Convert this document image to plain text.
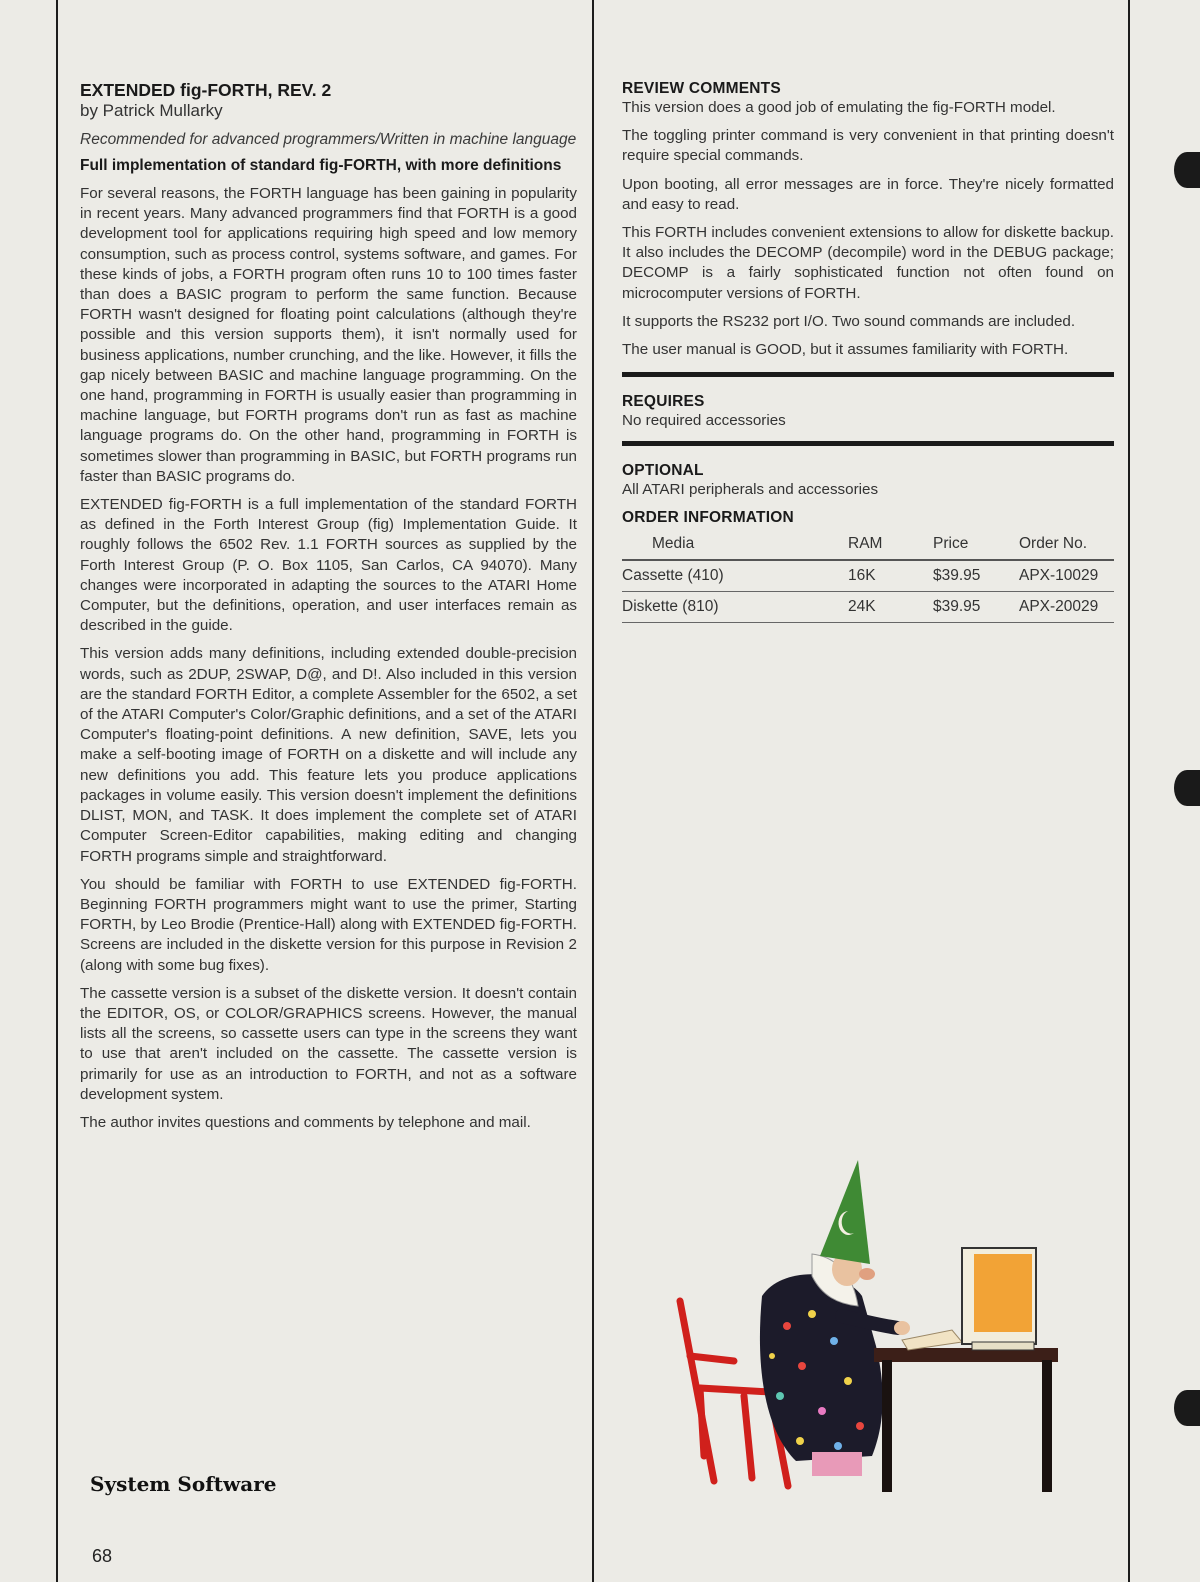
EXTENDED fig-FORTH, REV. 2

by Patrick Mullarky

Recommended for advanced programmers/Written in machine language

Full implementation of standard fig-FORTH, with more definitions

For several reasons, the FORTH language has been gaining in popularity in recent years. Many advanced programmers find that FORTH is a good development tool for applications requiring high speed and low memory consumption, such as process control, systems software, and games. For these kinds of jobs, a FORTH program often runs 10 to 100 times faster than does a BASIC program to perform the same function. Because FORTH wasn't designed for floating point calculations (although they're possible and this version supports them), it isn't normally used for business applications, number crunching, and the like. However, it fills the gap nicely between BASIC and machine language programming. On the one hand, programming in FORTH is usually easier than programming in machine language, but FORTH programs don't run as fast as machine language programs do. On the other hand, programming in FORTH is sometimes slower than programming in BASIC, but FORTH programs run faster than BASIC programs do.

EXTENDED fig-FORTH is a full implementation of the standard FORTH as defined in the Forth Interest Group (fig) Implementation Guide. It roughly follows the 6502 Rev. 1.1 FORTH sources as supplied by the Forth Interest Group (P. O. Box 1105, San Carlos, CA 94070). Many changes were incorporated in adapting the sources to the ATARI Home Computer, but the definitions, operation, and user interfaces remain as described in the guide.

This version adds many definitions, including extended double-precision words, such as 2DUP, 2SWAP, D@, and D!. Also included in this version are the standard FORTH Editor, a complete Assembler for the 6502, a set of the ATARI Computer's Color/Graphic definitions, and a set of the ATARI Computer's floating-point definitions. A new definition, SAVE, lets you make a self-booting image of FORTH on a diskette and will include any new definitions you add. This feature lets you produce applications packages in volume easily. This version doesn't implement the definitions DLIST, MON, and TASK. It does implement the complete set of ATARI Computer Screen-Editor capabilities, making editing and changing FORTH programs simple and straightforward.

You should be familiar with FORTH to use EXTENDED fig-FORTH. Beginning FORTH programmers might want to use the primer, Starting FORTH, by Leo Brodie (Prentice-Hall) along with EXTENDED fig-FORTH. Screens are included in the diskette version for this purpose in Revision 2 (along with some bug fixes).

The cassette version is a subset of the diskette version. It doesn't contain the EDITOR, OS, or COLOR/GRAPHICS screens. However, the manual lists all the screens, so cassette users can type in the screens they want to use that aren't included on the cassette. The cassette version is primarily for use as an introduction to FORTH, and not as a software development system.

The author invites questions and comments by telephone and mail.

REVIEW COMMENTS

This version does a good job of emulating the fig-FORTH model.

The toggling printer command is very convenient in that printing doesn't require special commands.

Upon booting, all error messages are in force. They're nicely formatted and easy to read.

This FORTH includes convenient extensions to allow for diskette backup. It also includes the DECOMP (decompile) word in the DEBUG package; DECOMP is a fairly sophisticated function not often found on microcomputer versions of FORTH.

It supports the RS232 port I/O. Two sound commands are included.

The user manual is GOOD, but it assumes familiarity with FORTH.

REQUIRES

No required accessories

OPTIONAL

All ATARI peripherals and accessories

ORDER INFORMATION

Media	RAM	Price	Order No.
Cassette (410)	16K	$39.95	APX-10029
Diskette (810)	24K	$39.95	APX-20029
System Software
68
